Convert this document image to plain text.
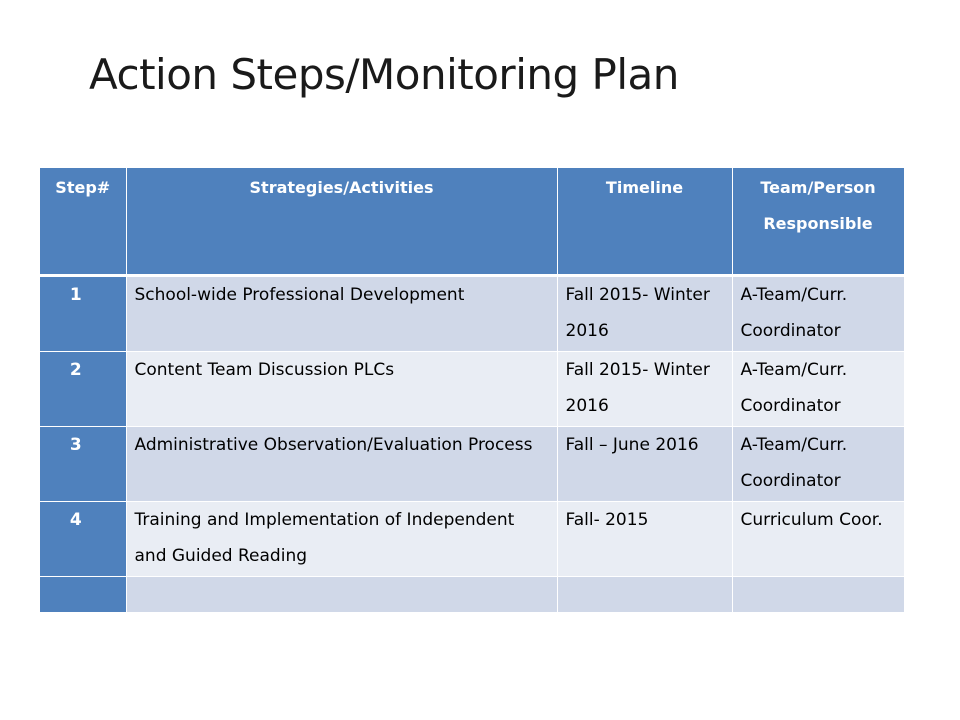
Action Steps/Monitoring Plan
Step#	Strategies/Activities	Timeline	Team/Person Responsible
1	School-wide Professional Development	Fall 2015- Winter 2016	A-Team/Curr. Coordinator
2	Content Team Discussion PLCs	Fall 2015- Winter 2016	A-Team/Curr. Coordinator
3	Administrative Observation/Evaluation Process	Fall – June 2016	A-Team/Curr. Coordinator
4	Training and Implementation of Independent and Guided Reading	Fall- 2015	Curriculum Coor.
